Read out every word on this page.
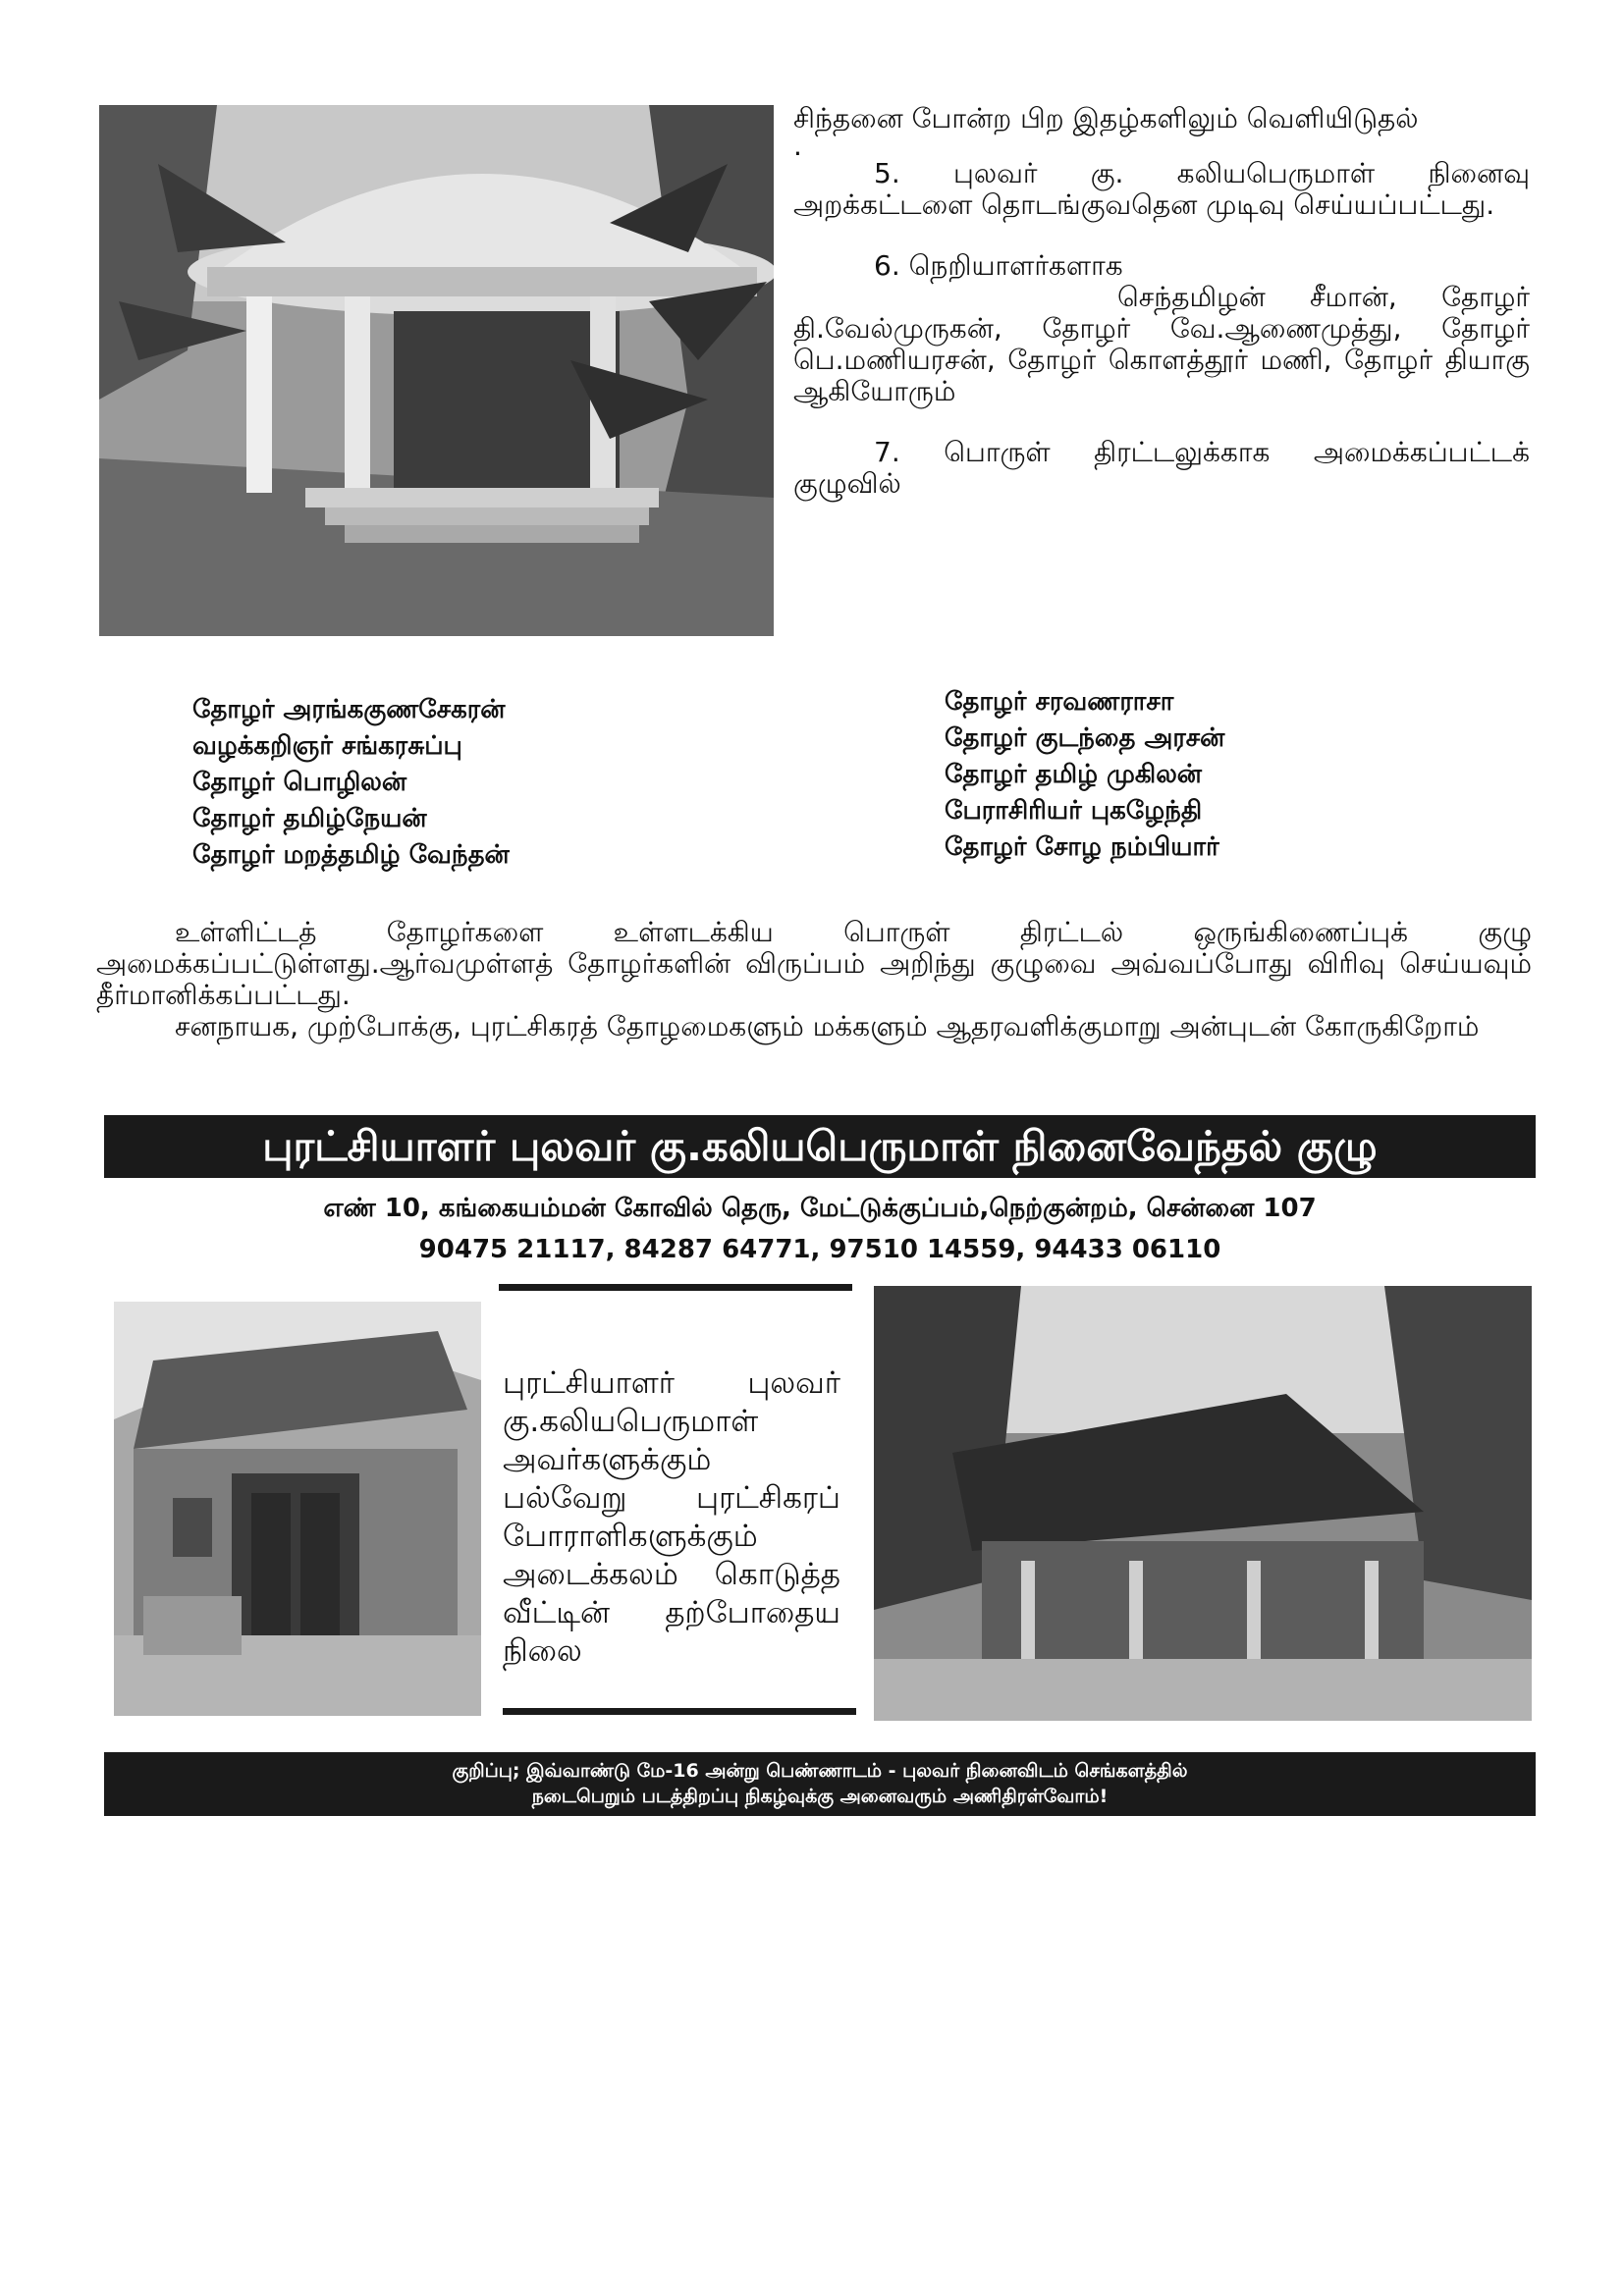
சிந்தனை போன்ற பிற இதழ்களிலும் வெளியிடுதல்

.

5. புலவர் கு. கலியபெருமாள் நினைவு அறக்கட்டளை தொடங்குவதென முடிவு செய்யப்பட்டது.

6. நெறியாளர்களாக

செந்தமிழன் சீமான், தோழர் தி.வேல்முருகன், தோழர் வே.ஆணைமுத்து, தோழர் பெ.மணியரசன், தோழர் கொளத்தூர் மணி, தோழர் தியாகு ஆகியோரும்

7. பொருள் திரட்டலுக்காக அமைக்கப்பட்டக் குழுவில்

தோழர் அரங்ககுணசேகரன்
வழக்கறிஞர் சங்கரசுப்பு
தோழர் பொழிலன்
தோழர் தமிழ்நேயன்
தோழர் மறத்தமிழ் வேந்தன்
தோழர் சரவணராசா
தோழர் குடந்தை அரசன்
தோழர் தமிழ் முகிலன்
பேராசிரியர் புகழேந்தி
தோழர் சோழ நம்பியார்

உள்ளிட்டத் தோழர்களை உள்ளடக்கிய பொருள் திரட்டல் ஒருங்கிணைப்புக் குழு அமைக்கப்பட்டுள்ளது.ஆர்வமுள்ளத் தோழர்களின் விருப்பம் அறிந்து குழுவை அவ்வப்போது விரிவு செய்யவும் தீர்மானிக்கப்பட்டது.

சனநாயக, முற்போக்கு, புரட்சிகரத் தோழமைகளும் மக்களும் ஆதரவளிக்குமாறு அன்புடன் கோருகிறோம்

புரட்சியாளர் புலவர் கு.கலியபெருமாள் நினைவேந்தல் குழு
எண் 10, கங்கையம்மன் கோவில் தெரு, மேட்டுக்குப்பம்,நெற்குன்றம், சென்னை 107
90475 21117, 84287 64771, 97510 14559, 94433 06110
புரட்சியாளர் புலவர் கு.கலியபெருமாள் அவர்களுக்கும் பல்வேறு புரட்சிகரப் போராளிகளுக்கும் அடைக்கலம் கொடுத்த வீட்டின் தற்போதைய நிலை
குறிப்பு; இவ்வாண்டு மே-16 அன்று பெண்ணாடம் - புலவர் நினைவிடம் செங்களத்தில்
நடைபெறும் படத்திறப்பு நிகழ்வுக்கு அனைவரும் அணிதிரள்வோம்!
